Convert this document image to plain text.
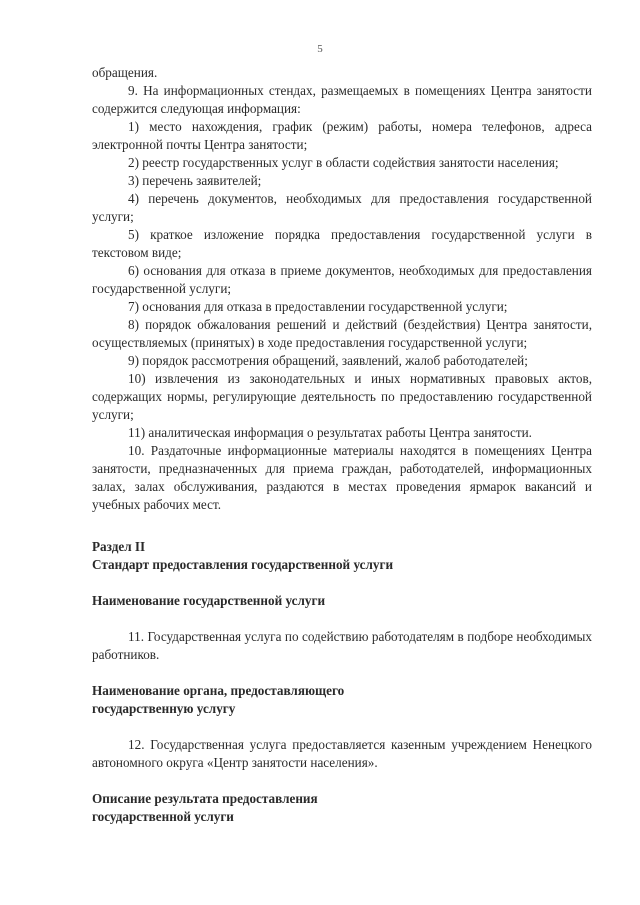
5

обращения.

9. На информационных стендах, размещаемых в помещениях Центра занятости содержится следующая информация:

1) место нахождения, график (режим) работы, номера телефонов, адреса электронной почты Центра занятости;

2) реестр государственных услуг в области содействия занятости населения;

3) перечень заявителей;

4) перечень документов, необходимых для предоставления государственной услуги;

5) краткое изложение порядка предоставления государственной услуги в текстовом виде;

6) основания для отказа в приеме документов, необходимых для предоставления государственной услуги;

7) основания для отказа в предоставлении государственной услуги;

8) порядок обжалования решений и действий (бездействия) Центра занятости, осуществляемых (принятых) в ходе предоставления государственной услуги;

9) порядок рассмотрения обращений, заявлений, жалоб работодателей;

10) извлечения из законодательных и иных нормативных правовых актов, содержащих нормы, регулирующие деятельность по предоставлению государственной услуги;

11) аналитическая информация о результатах работы Центра занятости.

10. Раздаточные информационные материалы находятся в помещениях Центра занятости, предназначенных для приема граждан, работодателей, информационных залах, залах обслуживания, раздаются в местах проведения ярмарок вакансий и учебных рабочих мест.

Раздел II

Стандарт предоставления государственной услуги

Наименование государственной услуги

11. Государственная услуга по содействию работодателям в подборе необходимых работников.

Наименование органа, предоставляющего

государственную услугу

12. Государственная услуга предоставляется казенным учреждением Ненецкого автономного округа «Центр занятости населения».

Описание результата предоставления

государственной услуги
